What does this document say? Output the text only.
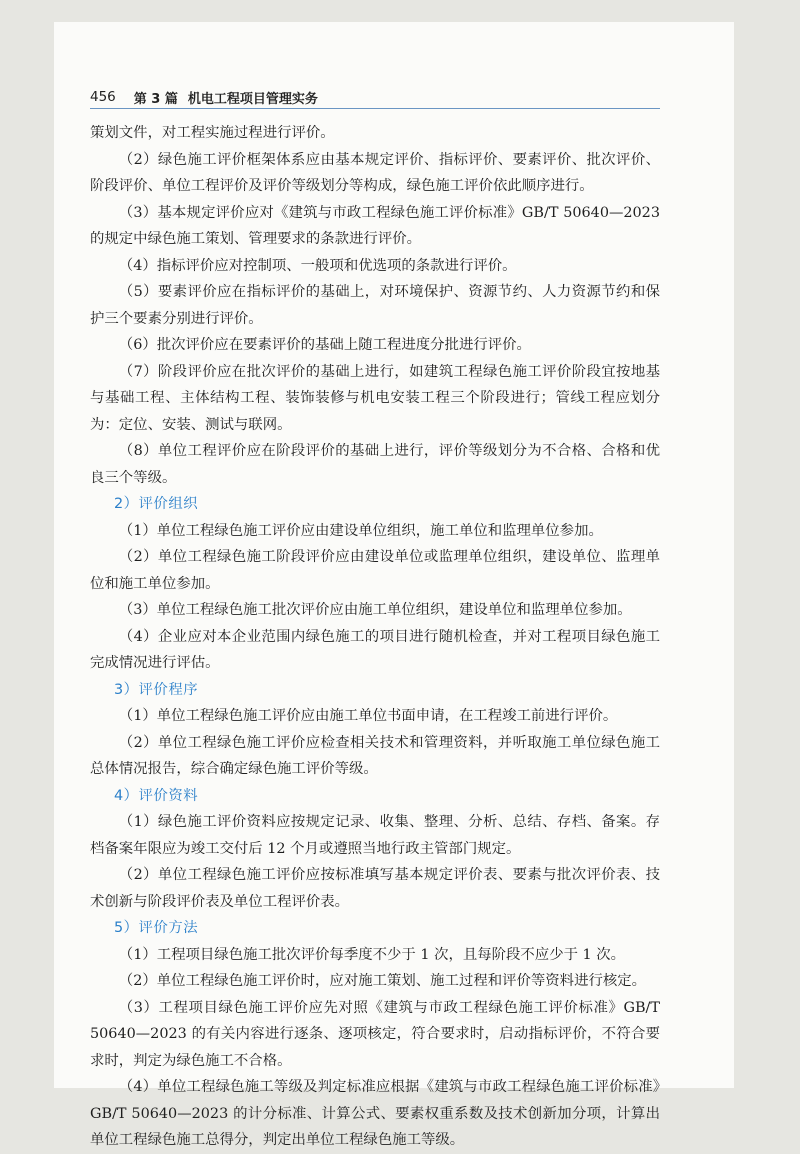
456 第 3 篇 机电工程项目管理实务

策划文件，对工程实施过程进行评价。

（2）绿色施工评价框架体系应由基本规定评价、指标评价、要素评价、批次评价、阶段评价、单位工程评价及评价等级划分等构成，绿色施工评价依此顺序进行。

（3）基本规定评价应对《建筑与市政工程绿色施工评价标准》GB/T 50640—2023的规定中绿色施工策划、管理要求的条款进行评价。

（4）指标评价应对控制项、一般项和优选项的条款进行评价。

（5）要素评价应在指标评价的基础上，对环境保护、资源节约、人力资源节约和保护三个要素分别进行评价。

（6）批次评价应在要素评价的基础上随工程进度分批进行评价。

（7）阶段评价应在批次评价的基础上进行，如建筑工程绿色施工评价阶段宜按地基与基础工程、主体结构工程、装饰装修与机电安装工程三个阶段进行；管线工程应划分为：定位、安装、测试与联网。

（8）单位工程评价应在阶段评价的基础上进行，评价等级划分为不合格、合格和优良三个等级。

2）评价组织

（1）单位工程绿色施工评价应由建设单位组织，施工单位和监理单位参加。

（2）单位工程绿色施工阶段评价应由建设单位或监理单位组织，建设单位、监理单位和施工单位参加。

（3）单位工程绿色施工批次评价应由施工单位组织，建设单位和监理单位参加。

（4）企业应对本企业范围内绿色施工的项目进行随机检查，并对工程项目绿色施工完成情况进行评估。

3）评价程序

（1）单位工程绿色施工评价应由施工单位书面申请，在工程竣工前进行评价。

（2）单位工程绿色施工评价应检查相关技术和管理资料，并听取施工单位绿色施工总体情况报告，综合确定绿色施工评价等级。

4）评价资料

（1）绿色施工评价资料应按规定记录、收集、整理、分析、总结、存档、备案。存档备案年限应为竣工交付后 12 个月或遵照当地行政主管部门规定。

（2）单位工程绿色施工评价应按标准填写基本规定评价表、要素与批次评价表、技术创新与阶段评价表及单位工程评价表。

5）评价方法

（1）工程项目绿色施工批次评价每季度不少于 1 次，且每阶段不应少于 1 次。

（2）单位工程绿色施工评价时，应对施工策划、施工过程和评价等资料进行核定。

（3）工程项目绿色施工评价应先对照《建筑与市政工程绿色施工评价标准》GB/T 50640—2023 的有关内容进行逐条、逐项核定，符合要求时，启动指标评价，不符合要求时，判定为绿色施工不合格。

（4）单位工程绿色施工等级及判定标准应根据《建筑与市政工程绿色施工评价标准》GB/T 50640—2023 的计分标准、计算公式、要素权重系数及技术创新加分项，计算出单位工程绿色施工总得分，判定出单位工程绿色施工等级。
